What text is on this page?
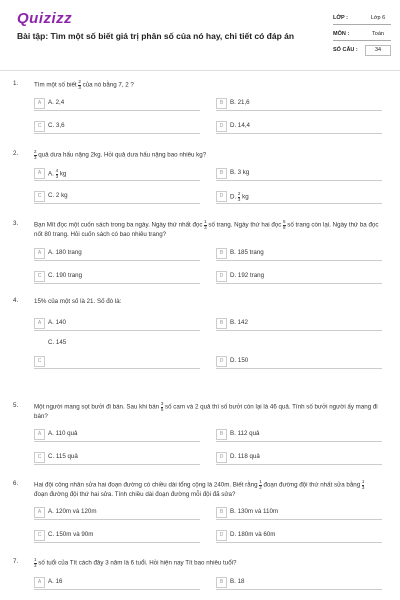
Quizizz
Bài tập: Tìm một số biết giá trị phân số của nó hay, chi tiết có đáp án
LỚP :	Lớp 6
MÔN :	Toán
SỐ CÂU :	34
1.	Tìm một số biết $\frac{2}{3}$ của nó bằng 7, 2 ?
A	A. 2,4	B	B. 21,6
C	C. 3,6	D	D. 14,4
2.	$\frac{2}{3}$ quả dưa hấu nặng 2kg. Hỏi quả dưa hấu nặng bao nhiêu kg?
A	A. $\frac{4}{3}$ kg	B	B. 3 kg
C	C. 2 kg	D	D. $\frac{2}{3}$ kg
3.	Bạn Mít đọc một cuốn sách trong ba ngày. Ngày thứ nhất đọc $\frac{1}{3}$ số trang. Ngày thứ hai đọc $\frac{5}{8}$ số trang còn lại. Ngày thứ ba đọc nốt 80 trang. Hỏi cuốn sách có bao nhiêu trang?
A	A. 180 trang	B	B. 185 trang
C	C. 190 trang	D	D. 192 trang
4.	15% của một số là 21. Số đó là:
A	A. 140	B	B. 142
C. 145
C	D	D. 150
5.	Một người mang sọt bưởi đi bán. Sau khi bán $\frac{3}{5}$ số cam và 2 quả thì số bưởi còn lại là 46 quả. Tính số bưởi người ấy mang đi bán?
A	A. 110 quả	B	B. 112 quả
C	C. 115 quả	D	D. 118 quả
6.	Hai đội công nhân sửa hai đoạn đường có chiều dài tổng cộng là 240m. Biết rằng $\frac{1}{2}$ đoạn đường đội thứ nhất sửa bằng $\frac{1}{3}$
đoạn đường đội thứ hai sửa. Tính chiều dài đoạn đường mỗi đội đã sửa?
A	A. 120m và 120m	B	B. 130m và 110m
C	C. 150m và 90m	D	D. 180m và 60m
7.	$\frac{1}{3}$ số tuổi của Tít cách đây 3 năm là 6 tuổi. Hỏi hiện nay Tít bao nhiêu tuổi?
A	A. 16	B	B. 18
